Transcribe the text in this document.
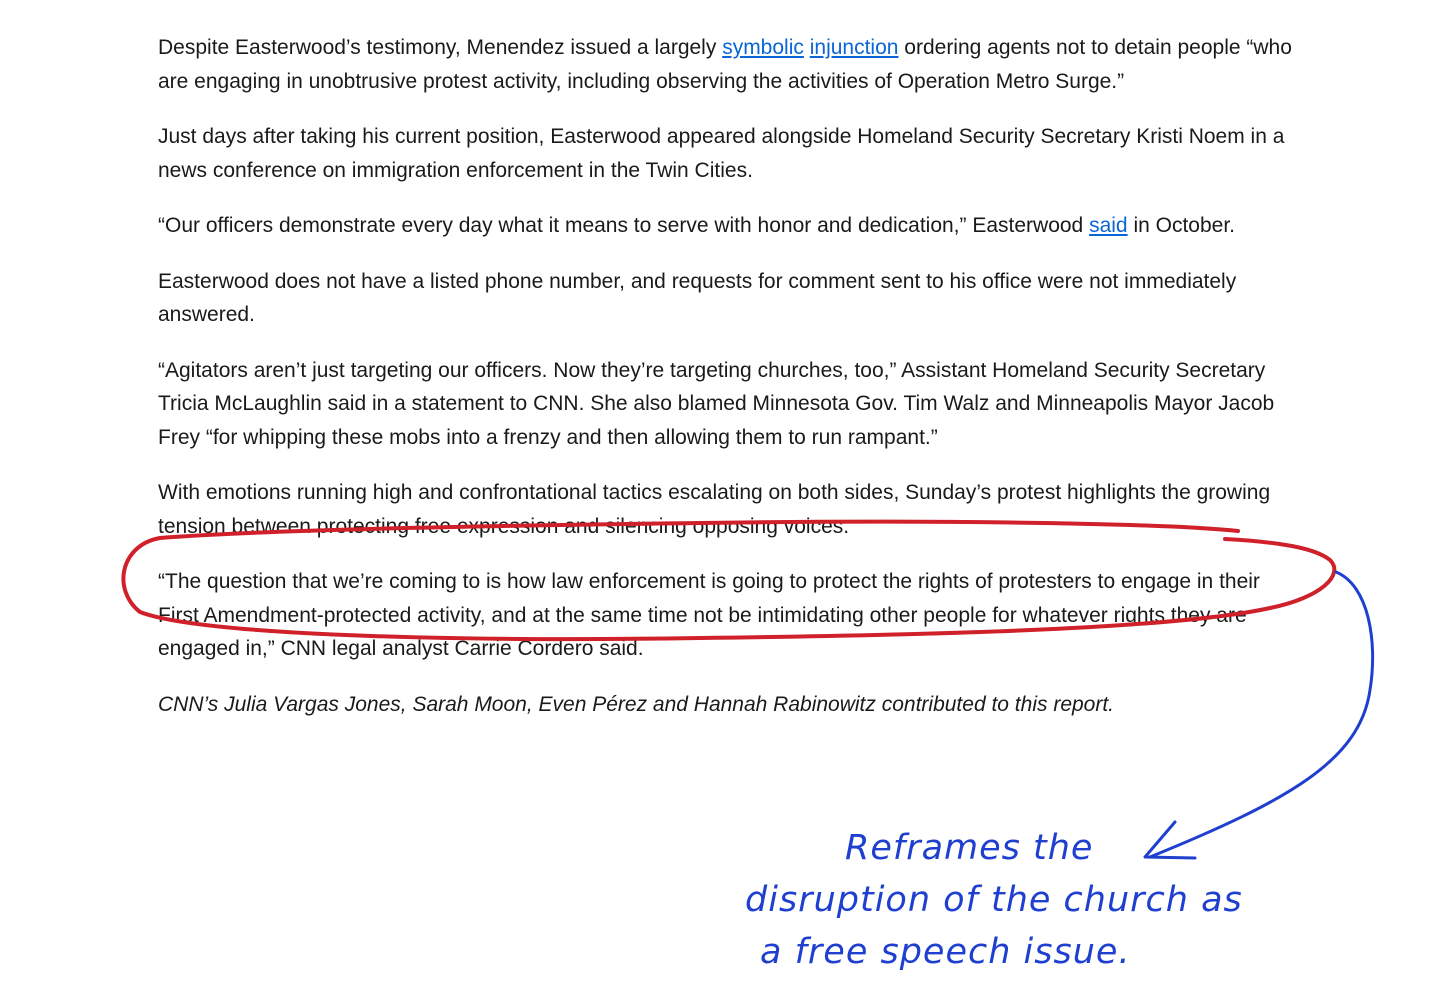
Despite Easterwood’s testimony, Menendez issued a largely symbolic injunction ordering agents not to detain people “who are engaging in unobtrusive protest activity, including observing the activities of Operation Metro Surge.”

Just days after taking his current position, Easterwood appeared alongside Homeland Security Secretary Kristi Noem in a news conference on immigration enforcement in the Twin Cities.

“Our officers demonstrate every day what it means to serve with honor and dedication,” Easterwood said in October.

Easterwood does not have a listed phone number, and requests for comment sent to his office were not immediately answered.

“Agitators aren’t just targeting our officers. Now they’re targeting churches, too,” Assistant Homeland Security Secretary Tricia McLaughlin said in a statement to CNN. She also blamed Minnesota Gov. Tim Walz and Minneapolis Mayor Jacob Frey “for whipping these mobs into a frenzy and then allowing them to run rampant.”

With emotions running high and confrontational tactics escalating on both sides, Sunday’s protest highlights the growing tension between protecting free expression and silencing opposing voices.

“The question that we’re coming to is how law enforcement is going to protect the rights of protesters to engage in their First Amendment-protected activity, and at the same time not be intimidating other people for whatever rights they are engaged in,” CNN legal analyst Carrie Cordero said.

CNN’s Julia Vargas Jones, Sarah Moon, Even Pérez and Hannah Rabinowitz contributed to this report.

Reframes the
disruption of the church as
a free speech issue.
